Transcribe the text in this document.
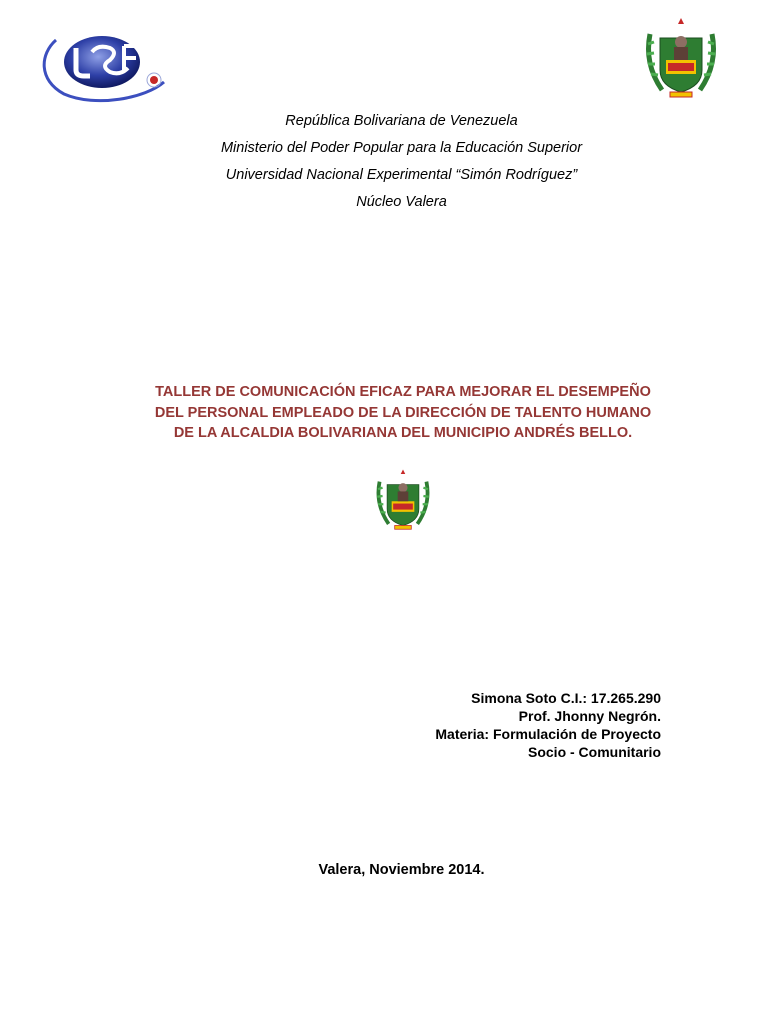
República Bolivariana de Venezuela
Ministerio del Poder Popular para la Educación Superior
Universidad Nacional Experimental “Simón Rodríguez”
Núcleo Valera
TALLER DE COMUNICACIÓN EFICAZ PARA MEJORAR EL DESEMPEÑO
DEL PERSONAL EMPLEADO DE LA DIRECCIÓN DE TALENTO HUMANO
DE LA ALCALDIA BOLIVARIANA DEL MUNICIPIO ANDRÉS BELLO.
Simona Soto C.I.: 17.265.290
Prof. Jhonny Negrón.
Materia: Formulación de Proyecto
Socio - Comunitario
Valera, Noviembre 2014.
